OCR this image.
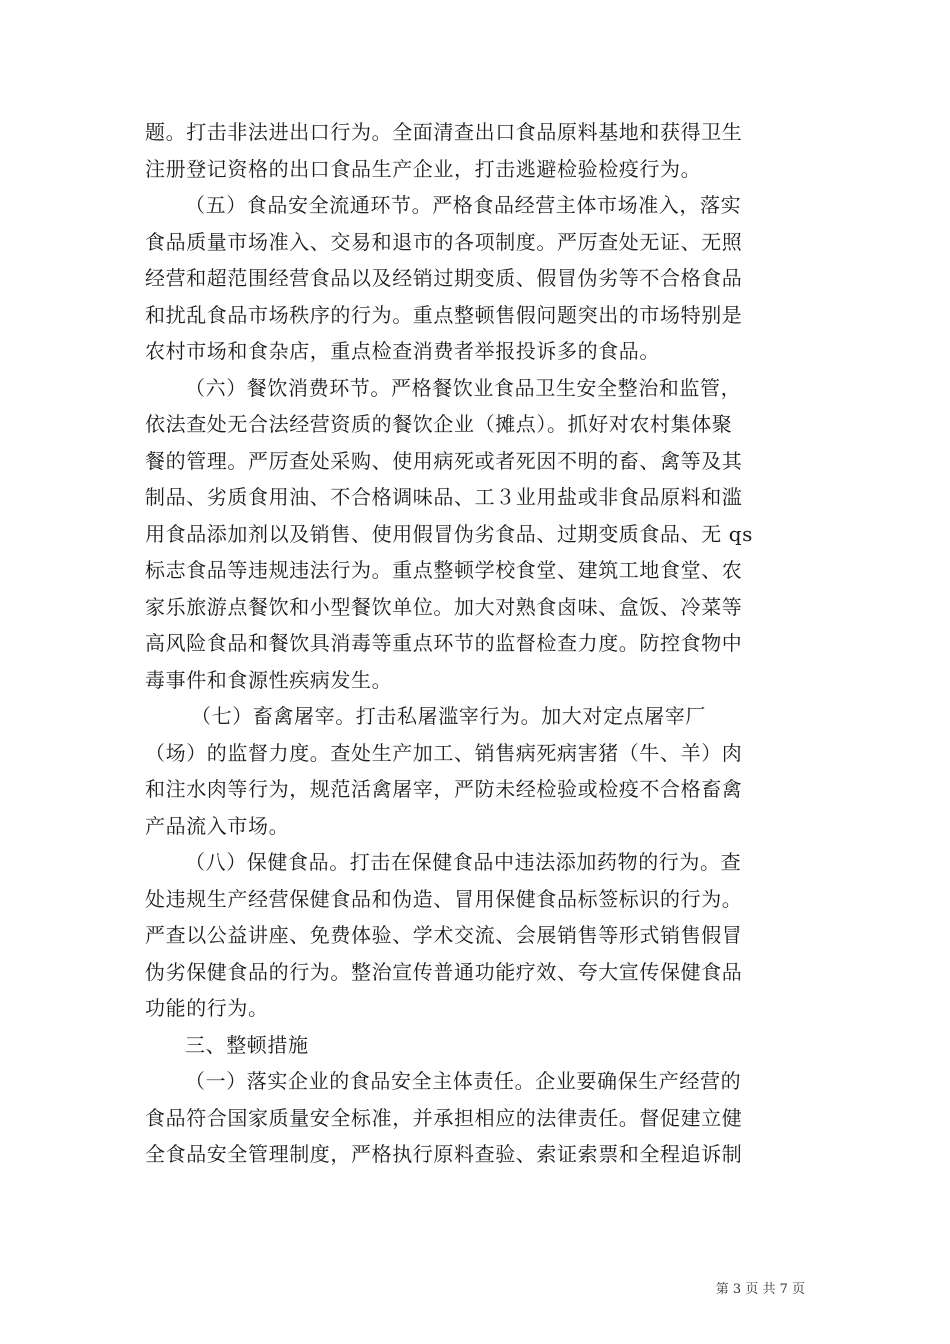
题。打击非法进出口行为。全面清查出口食品原料基地和获得卫生
注册登记资格的出口食品生产企业，打击逃避检验检疫行为。
（五）食品安全流通环节。严格食品经营主体市场准入，落实
食品质量市场准入、交易和退市的各项制度。严厉查处无证、无照
经营和超范围经营食品以及经销过期变质、假冒伪劣等不合格食品
和扰乱食品市场秩序的行为。重点整顿售假问题突出的市场特别是
农村市场和食杂店，重点检查消费者举报投诉多的食品。
（六）餐饮消费环节。严格餐饮业食品卫生安全整治和监管，
依法查处无合法经营资质的餐饮企业（摊点）。抓好对农村集体聚
餐的管理。严厉查处采购、使用病死或者死因不明的畜、禽等及其
制品、劣质食用油、不合格调味品、工３业用盐或非食品原料和滥
用食品添加剂以及销售、使用假冒伪劣食品、过期变质食品、无 qs
标志食品等违规违法行为。重点整顿学校食堂、建筑工地食堂、农
家乐旅游点餐饮和小型餐饮单位。加大对熟食卤味、盒饭、冷菜等
高风险食品和餐饮具消毒等重点环节的监督检查力度。防控食物中
毒事件和食源性疾病发生。
（七）畜禽屠宰。打击私屠滥宰行为。加大对定点屠宰厂
（场）的监督力度。查处生产加工、销售病死病害猪（牛、羊）肉
和注水肉等行为，规范活禽屠宰，严防未经检验或检疫不合格畜禽
产品流入市场。
（八）保健食品。打击在保健食品中违法添加药物的行为。查
处违规生产经营保健食品和伪造、冒用保健食品标签标识的行为。
严查以公益讲座、免费体验、学术交流、会展销售等形式销售假冒
伪劣保健食品的行为。整治宣传普通功能疗效、夸大宣传保健食品
功能的行为。
三、整顿措施
（一）落实企业的食品安全主体责任。企业要确保生产经营的
食品符合国家质量安全标准，并承担相应的法律责任。督促建立健
全食品安全管理制度，严格执行原料查验、索证索票和全程追诉制
第 3 页 共 7 页
